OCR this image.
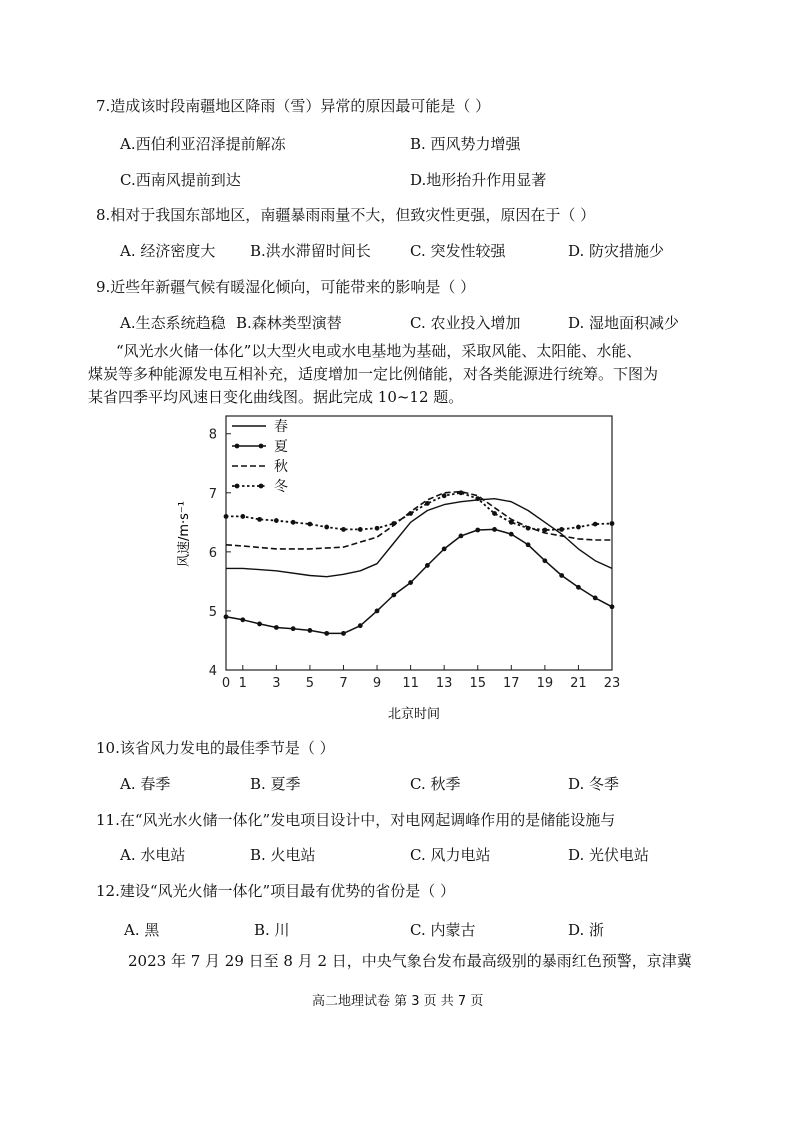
7.造成该时段南疆地区降雨（雪）异常的原因最可能是（ ）
A.西伯利亚沼泽提前解冻	B. 西风势力增强
C.西南风提前到达	D.地形抬升作用显著
8.相对于我国东部地区，南疆暴雨雨量不大，但致灾性更强，原因在于（ ）
A. 经济密度大 B.洪水滞留时间长	C. 突发性较强	D. 防灾措施少
9.近些年新疆气候有暖湿化倾向，可能带来的影响是（ ）
A.生态系统趋稳 B.森林类型演替	C. 农业投入增加	D. 湿地面积减少
“风光水火储一体化”以大型火电或水电基地为基础，采取风能、太阳能、水能、
煤炭等多种能源发电互相补充，适度增加一定比例储能，对各类能源进行统筹。下图为
某省四季平均风速日变化曲线图。据此完成 10~12 题。
0 1 3 5 7 9 11 13 15 17 19 21 23
4
5
6
7
8
春
夏
秋
冬
风速/m·s⁻¹
北京时间
10.该省风力发电的最佳季节是（ ）
A. 春季	B. 夏季	C. 秋季	D. 冬季
11.在“风光水火储一体化”发电项目设计中，对电网起调峰作用的是储能设施与
A. 水电站	B. 火电站	C. 风力电站	D. 光伏电站
12.建设“风光火储一体化”项目最有优势的省份是（ ）
A. 黑	B. 川	C. 内蒙古	D. 浙
2023 年 7 月 29 日至 8 月 2 日，中央气象台发布最高级别的暴雨红色预警，京津冀
高二地理试卷 第 3 页 共 7 页
